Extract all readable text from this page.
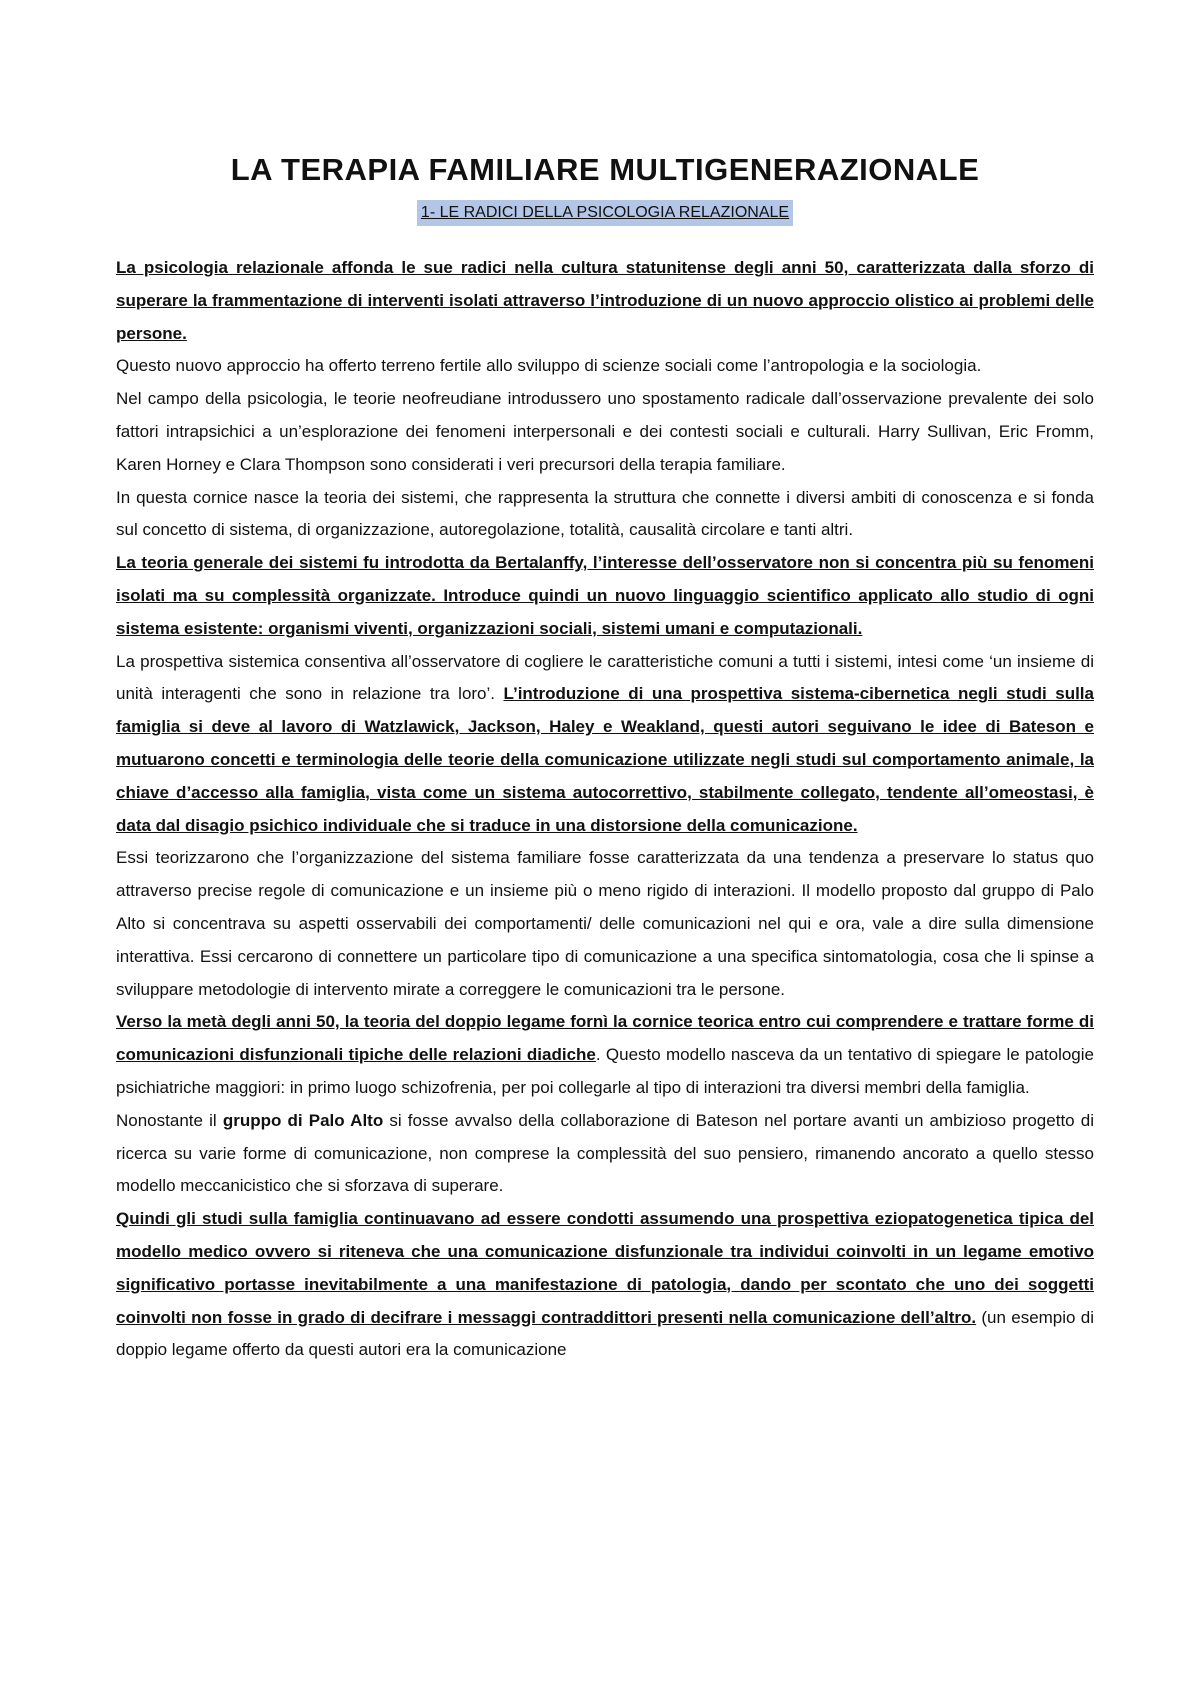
LA TERAPIA FAMILIARE MULTIGENERAZIONALE
1- LE RADICI DELLA PSICOLOGIA RELAZIONALE

La psicologia relazionale affonda le sue radici nella cultura statunitense degli anni 50, caratterizzata dalla sforzo di superare la frammentazione di interventi isolati attraverso l’introduzione di un nuovo approccio olistico ai problemi delle persone.

Questo nuovo approccio ha offerto terreno fertile allo sviluppo di scienze sociali come l’antropologia e la sociologia.

Nel campo della psicologia, le teorie neofreudiane introdussero uno spostamento radicale dall’osservazione prevalente dei solo fattori intrapsichici a un’esplorazione dei fenomeni interpersonali e dei contesti sociali e culturali. Harry Sullivan, Eric Fromm, Karen Horney e Clara Thompson sono considerati i veri precursori della terapia familiare.

In questa cornice nasce la teoria dei sistemi, che rappresenta la struttura che connette i diversi ambiti di conoscenza e si fonda sul concetto di sistema, di organizzazione, autoregolazione, totalità, causalità circolare e tanti altri.

La teoria generale dei sistemi fu introdotta da Bertalanffy, l’interesse dell’osservatore non si concentra più su fenomeni isolati ma su complessità organizzate. Introduce quindi un nuovo linguaggio scientifico applicato allo studio di ogni sistema esistente: organismi viventi, organizzazioni sociali, sistemi umani e computazionali.

La prospettiva sistemica consentiva all’osservatore di cogliere le caratteristiche comuni a tutti i sistemi, intesi come ‘un insieme di unità interagenti che sono in relazione tra loro’. L’introduzione di una prospettiva sistema-cibernetica negli studi sulla famiglia si deve al lavoro di Watzlawick, Jackson, Haley e Weakland, questi autori seguivano le idee di Bateson e mutuarono concetti e terminologia delle teorie della comunicazione utilizzate negli studi sul comportamento animale, la chiave d’accesso alla famiglia, vista come un sistema autocorrettivo, stabilmente collegato, tendente all’omeostasi, è data dal disagio psichico individuale che si traduce in una distorsione della comunicazione.

Essi teorizzarono che l’organizzazione del sistema familiare fosse caratterizzata da una tendenza a preservare lo status quo attraverso precise regole di comunicazione e un insieme più o meno rigido di interazioni. Il modello proposto dal gruppo di Palo Alto si concentrava su aspetti osservabili dei comportamenti/ delle comunicazioni nel qui e ora, vale a dire sulla dimensione interattiva. Essi cercarono di connettere un particolare tipo di comunicazione a una specifica sintomatologia, cosa che li spinse a sviluppare metodologie di intervento mirate a correggere le comunicazioni tra le persone.

Verso la metà degli anni 50, la teoria del doppio legame fornì la cornice teorica entro cui comprendere e trattare forme di comunicazioni disfunzionali tipiche delle relazioni diadiche. Questo modello nasceva da un tentativo di spiegare le patologie psichiatriche maggiori: in primo luogo schizofrenia, per poi collegarle al tipo di interazioni tra diversi membri della famiglia.

Nonostante il gruppo di Palo Alto si fosse avvalso della collaborazione di Bateson nel portare avanti un ambizioso progetto di ricerca su varie forme di comunicazione, non comprese la complessità del suo pensiero, rimanendo ancorato a quello stesso modello meccanicistico che si sforzava di superare.

Quindi gli studi sulla famiglia continuavano ad essere condotti assumendo una prospettiva eziopatogenetica tipica del modello medico ovvero si riteneva che una comunicazione disfunzionale tra individui coinvolti in un legame emotivo significativo portasse inevitabilmente a una manifestazione di patologia, dando per scontato che uno dei soggetti coinvolti non fosse in grado di decifrare i messaggi contraddittori presenti nella comunicazione dell’altro. (un esempio di doppio legame offerto da questi autori era la comunicazione
